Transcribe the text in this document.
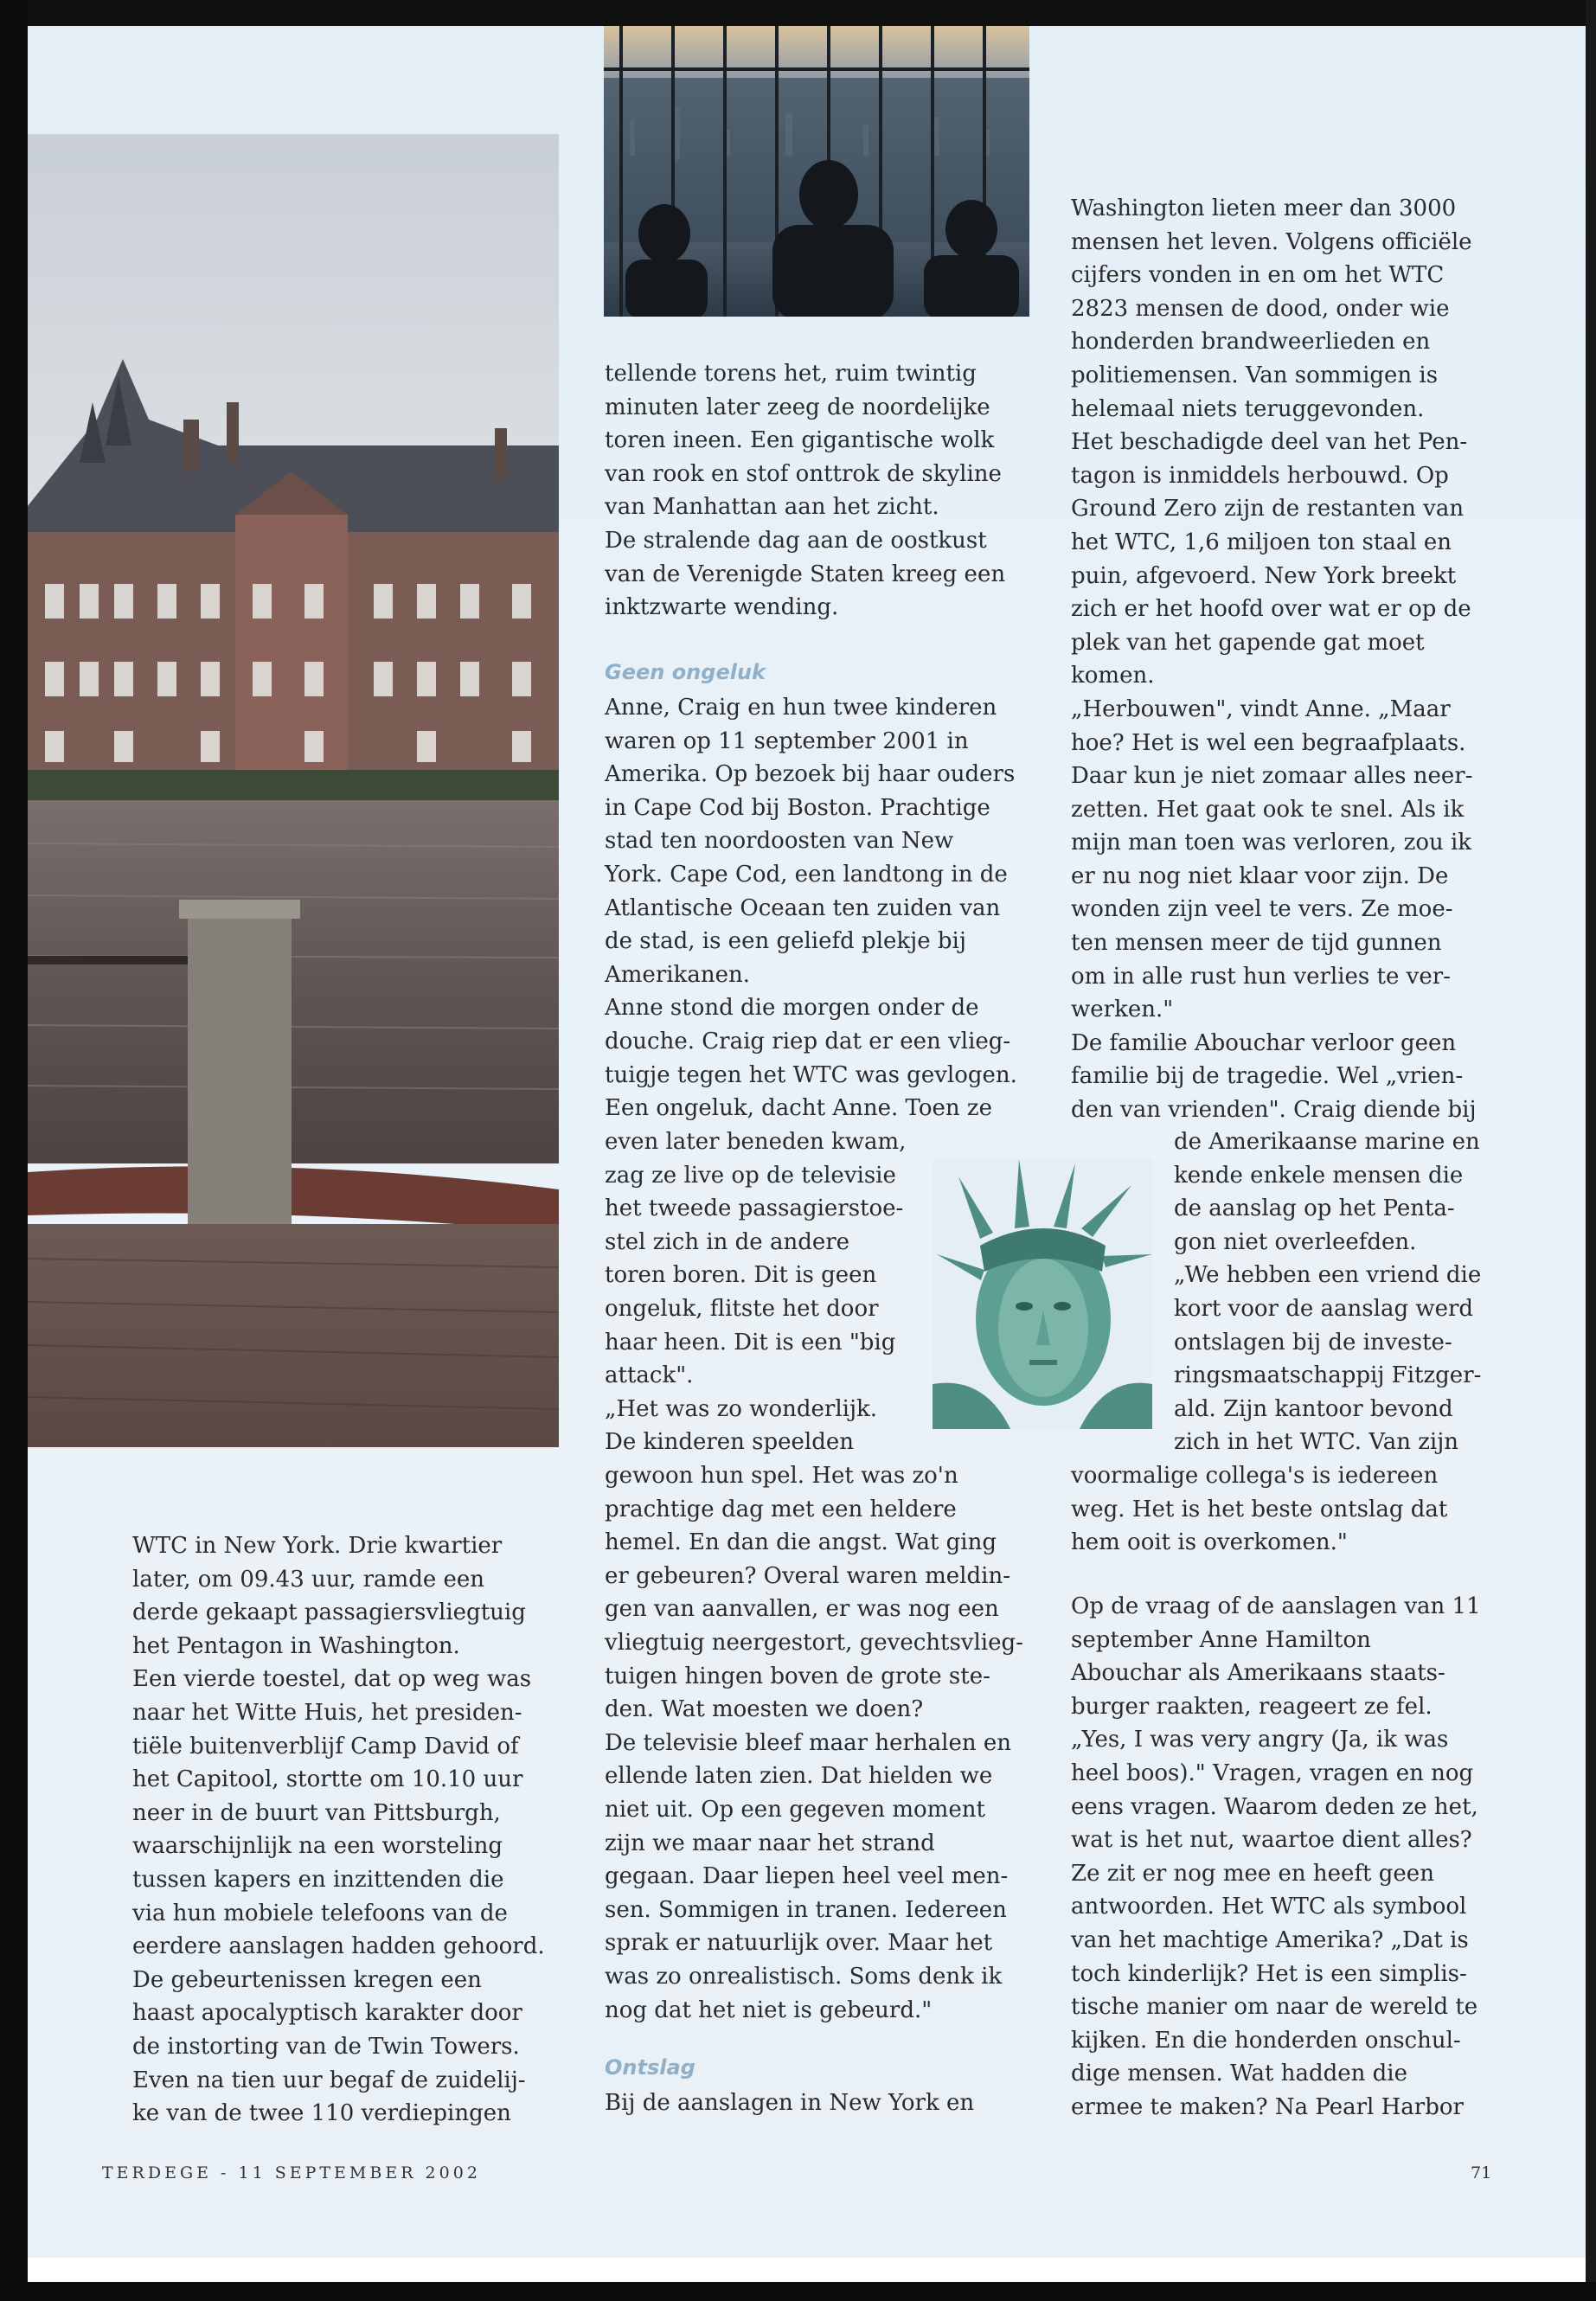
WTC in New York. Drie kwartier
later, om 09.43 uur, ramde een
derde gekaapt passagiersvliegtuig
het Pentagon in Washington.
Een vierde toestel, dat op weg was
naar het Witte Huis, het presiden-
tiële buitenverblijf Camp David of
het Capitool, stortte om 10.10 uur
neer in de buurt van Pittsburgh,
waarschijnlijk na een worsteling
tussen kapers en inzittenden die
via hun mobiele telefoons van de
eerdere aanslagen hadden gehoord.
De gebeurtenissen kregen een
haast apocalyptisch karakter door
de instorting van de Twin Towers.
Even na tien uur begaf de zuidelij-
ke van de twee 110 verdiepingen

tellende torens het, ruim twintig
minuten later zeeg de noordelijke
toren ineen. Een gigantische wolk
van rook en stof onttrok de skyline
van Manhattan aan het zicht.
De stralende dag aan de oostkust
van de Verenigde Staten kreeg een
inktzwarte wending.

Geen ongeluk

Anne, Craig en hun twee kinderen
waren op 11 september 2001 in
Amerika. Op bezoek bij haar ouders
in Cape Cod bij Boston. Prachtige
stad ten noordoosten van New
York. Cape Cod, een landtong in de
Atlantische Oceaan ten zuiden van
de stad, is een geliefd plekje bij
Amerikanen.
Anne stond die morgen onder de
douche. Craig riep dat er een vlieg-
tuigje tegen het WTC was gevlogen.
Een ongeluk, dacht Anne. Toen ze

even later beneden kwam,
zag ze live op de televisie
het tweede passagierstoe-
stel zich in de andere
toren boren. Dit is geen
ongeluk, flitste het door
haar heen. Dit is een "big
attack".
„Het was zo wonderlijk.
De kinderen speelden

gewoon hun spel. Het was zo'n
prachtige dag met een heldere
hemel. En dan die angst. Wat ging
er gebeuren? Overal waren meldin-
gen van aanvallen, er was nog een
vliegtuig neergestort, gevechtsvlieg-
tuigen hingen boven de grote ste-
den. Wat moesten we doen?
De televisie bleef maar herhalen en
ellende laten zien. Dat hielden we
niet uit. Op een gegeven moment
zijn we maar naar het strand
gegaan. Daar liepen heel veel men-
sen. Sommigen in tranen. Iedereen
sprak er natuurlijk over. Maar het
was zo onrealistisch. Soms denk ik
nog dat het niet is gebeurd."

Ontslag

Bij de aanslagen in New York en

Washington lieten meer dan 3000
mensen het leven. Volgens officiële
cijfers vonden in en om het WTC
2823 mensen de dood, onder wie
honderden brandweerlieden en
politiemensen. Van sommigen is
helemaal niets teruggevonden.
Het beschadigde deel van het Pen-
tagon is inmiddels herbouwd. Op
Ground Zero zijn de restanten van
het WTC, 1,6 miljoen ton staal en
puin, afgevoerd. New York breekt
zich er het hoofd over wat er op de
plek van het gapende gat moet
komen.
„Herbouwen", vindt Anne. „Maar
hoe? Het is wel een begraafplaats.
Daar kun je niet zomaar alles neer-
zetten. Het gaat ook te snel. Als ik
mijn man toen was verloren, zou ik
er nu nog niet klaar voor zijn. De
wonden zijn veel te vers. Ze moe-
ten mensen meer de tijd gunnen
om in alle rust hun verlies te ver-
werken."
De familie Abouchar verloor geen
familie bij de tragedie. Wel „vrien-
den van vrienden". Craig diende bij

de Amerikaanse marine en
kende enkele mensen die
de aanslag op het Penta-
gon niet overleefden.
„We hebben een vriend die
kort voor de aanslag werd
ontslagen bij de investe-
ringsmaatschappij Fitzger-
ald. Zijn kantoor bevond
zich in het WTC. Van zijn

voormalige collega's is iedereen
weg. Het is het beste ontslag dat
hem ooit is overkomen."

Op de vraag of de aanslagen van 11
september Anne Hamilton
Abouchar als Amerikaans staats-
burger raakten, reageert ze fel.
„Yes, I was very angry (Ja, ik was
heel boos)." Vragen, vragen en nog
eens vragen. Waarom deden ze het,
wat is het nut, waartoe dient alles?
Ze zit er nog mee en heeft geen
antwoorden. Het WTC als symbool
van het machtige Amerika? „Dat is
toch kinderlijk? Het is een simplis-
tische manier om naar de wereld te
kijken. En die honderden onschul-
dige mensen. Wat hadden die
ermee te maken? Na Pearl Harbor

TERDEGE - 11 SEPTEMBER 2002	71
